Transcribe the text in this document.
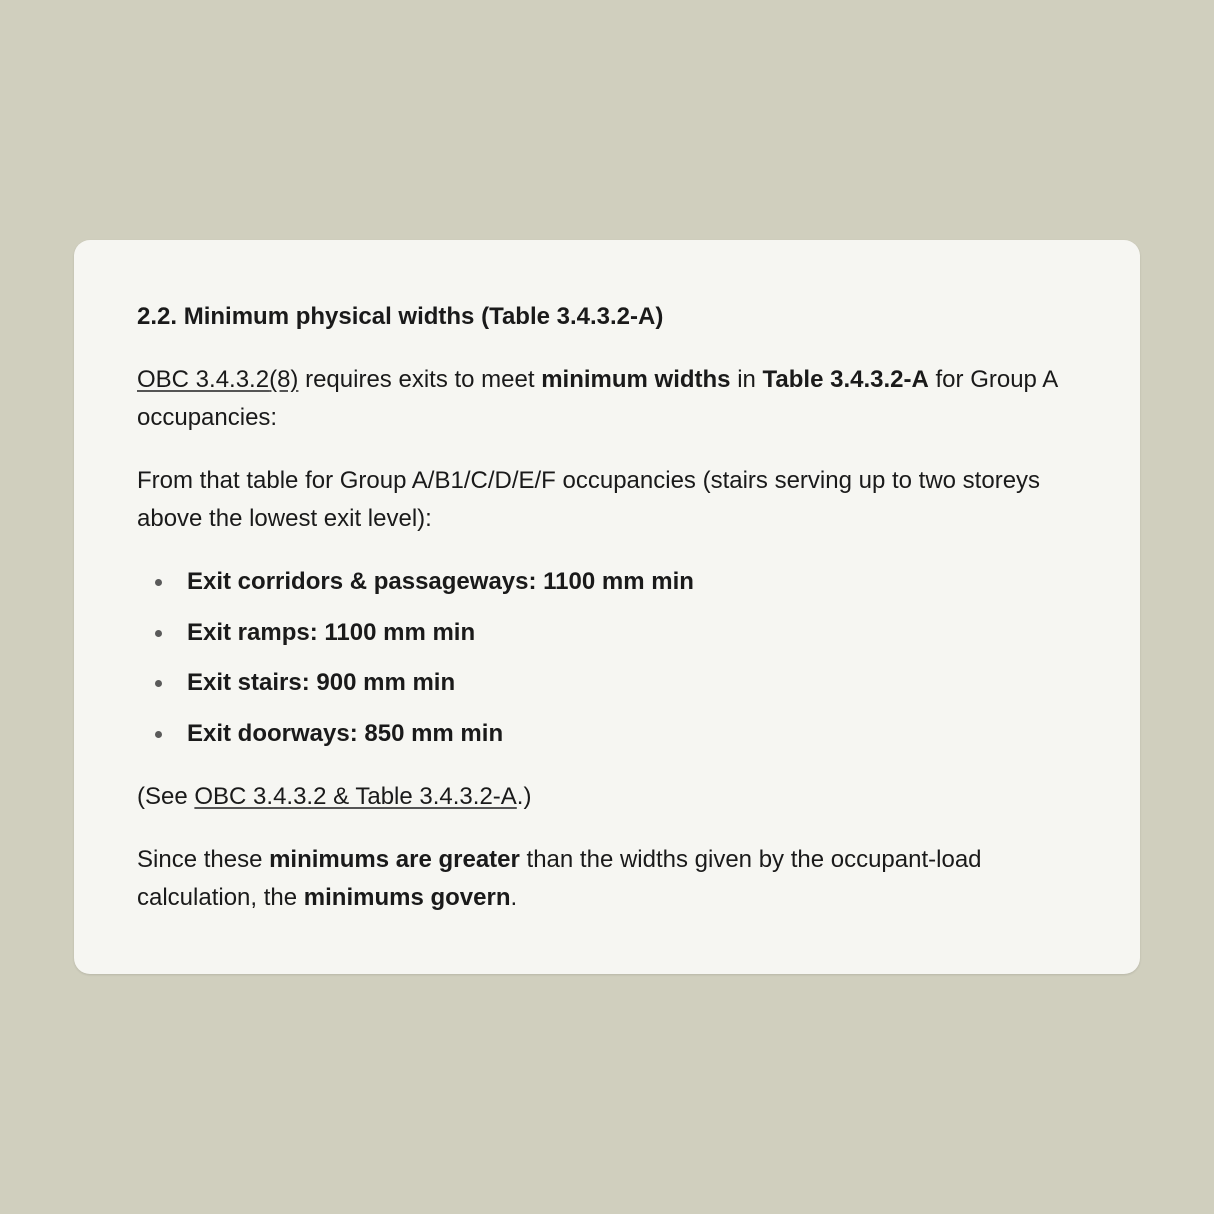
2.2. Minimum physical widths (Table 3.4.3.2-A)

OBC 3.4.3.2(8) requires exits to meet minimum widths in Table 3.4.3.2-A for Group A occupancies:

From that table for Group A/B1/C/D/E/F occupancies (stairs serving up to two storeys above the lowest exit level):

Exit corridors & passageways: 1100 mm min
Exit ramps: 1100 mm min
Exit stairs: 900 mm min
Exit doorways: 850 mm min

(See OBC 3.4.3.2 & Table 3.4.3.2-A.)

Since these minimums are greater than the widths given by the occupant-load calculation, the minimums govern.
